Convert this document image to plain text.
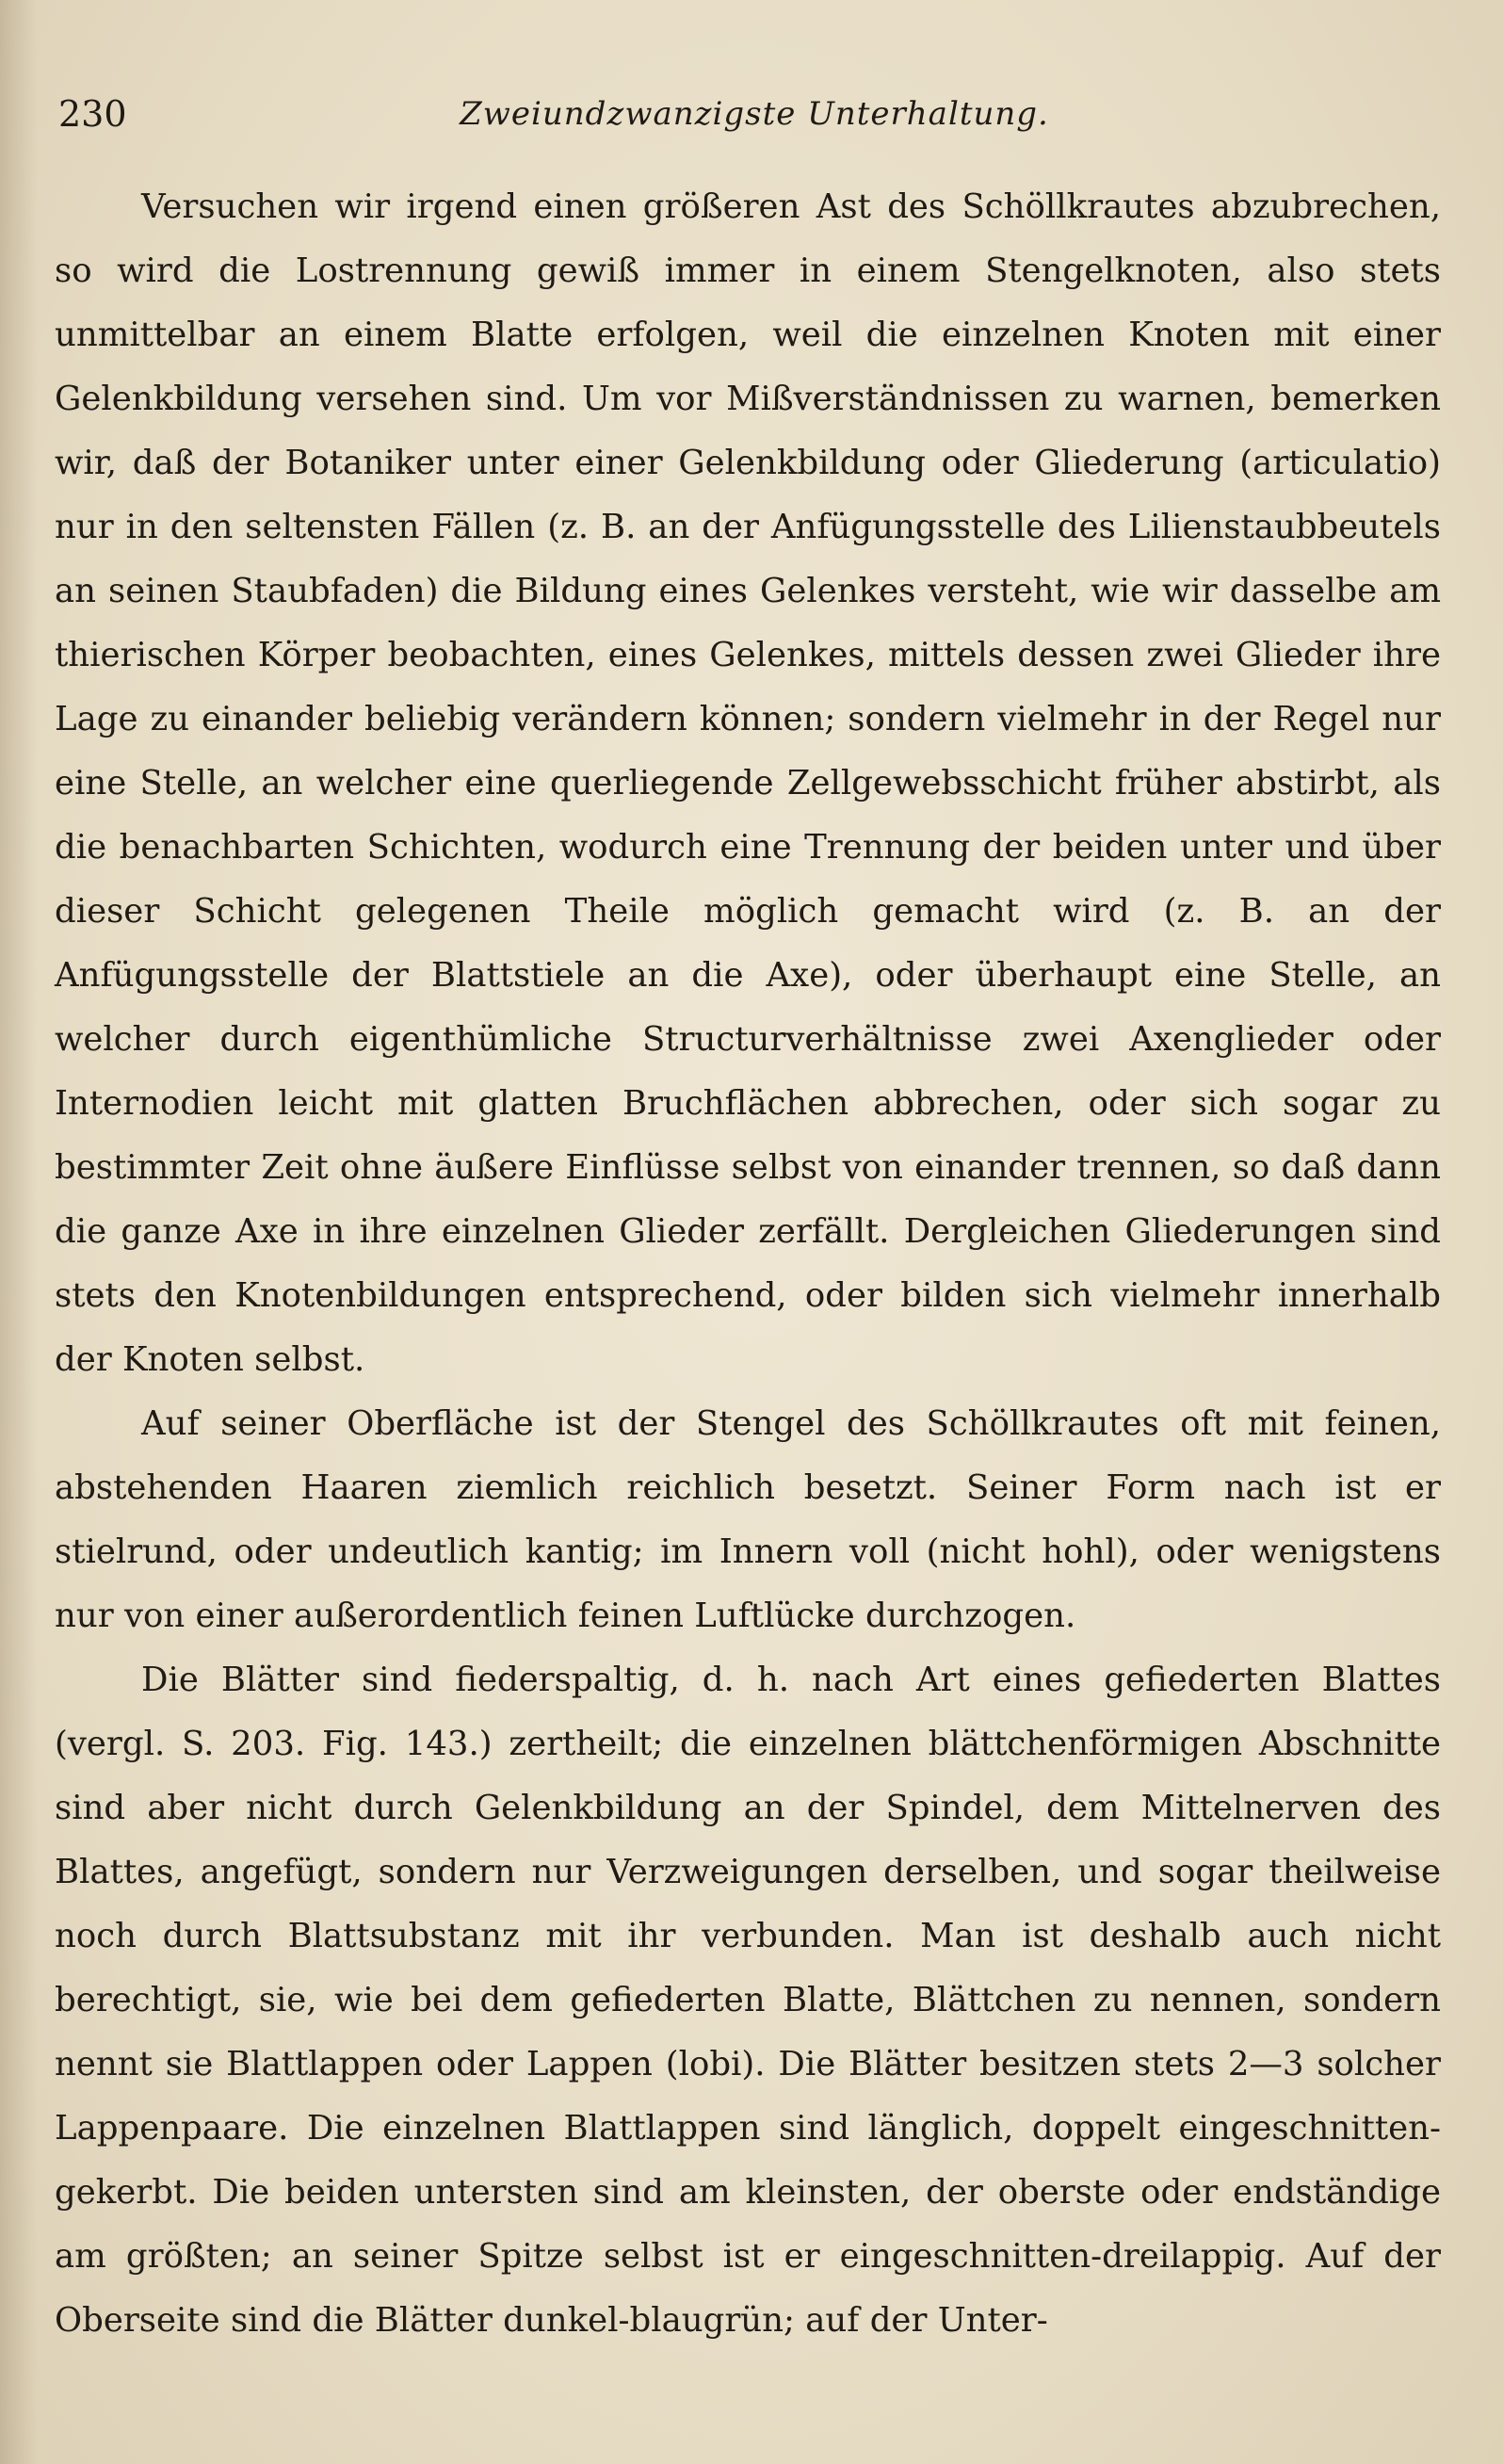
230	Zweiundzwanzigste Unterhaltung.

Versuchen wir irgend einen größeren Ast des Schöllkrautes abzubrechen, so wird die Lostrennung gewiß immer in einem Stengelknoten, also stets unmittelbar an einem Blatte erfolgen, weil die einzelnen Knoten mit einer Gelenkbildung versehen sind. Um vor Mißverständnissen zu warnen, bemerken wir, daß der Botaniker unter einer Gelenkbildung oder Gliederung (articulatio) nur in den seltensten Fällen (z. B. an der Anfügungsstelle des Lilienstaubbeutels an seinen Staubfaden) die Bildung eines Gelenkes versteht, wie wir dasselbe am thierischen Körper beobachten, eines Gelenkes, mittels dessen zwei Glieder ihre Lage zu einander beliebig verändern können; sondern vielmehr in der Regel nur eine Stelle, an welcher eine querliegende Zellgewebsschicht früher abstirbt, als die benachbarten Schichten, wodurch eine Trennung der beiden unter und über dieser Schicht gelegenen Theile möglich gemacht wird (z. B. an der Anfügungsstelle der Blattstiele an die Axe), oder überhaupt eine Stelle, an welcher durch eigenthümliche Structurverhältnisse zwei Axenglieder oder Internodien leicht mit glatten Bruchflächen abbrechen, oder sich sogar zu bestimmter Zeit ohne äußere Einflüsse selbst von einander trennen, so daß dann die ganze Axe in ihre einzelnen Glieder zerfällt. Dergleichen Gliederungen sind stets den Knotenbildungen entsprechend, oder bilden sich vielmehr innerhalb der Knoten selbst.

Auf seiner Oberfläche ist der Stengel des Schöllkrautes oft mit feinen, abstehenden Haaren ziemlich reichlich besetzt. Seiner Form nach ist er stielrund, oder undeutlich kantig; im Innern voll (nicht hohl), oder wenigstens nur von einer außerordentlich feinen Luftlücke durchzogen.

Die Blätter sind fiederspaltig, d. h. nach Art eines gefiederten Blattes (vergl. S. 203. Fig. 143.) zertheilt; die einzelnen blättchenförmigen Abschnitte sind aber nicht durch Gelenkbildung an der Spindel, dem Mittelnerven des Blattes, angefügt, sondern nur Verzweigungen derselben, und sogar theilweise noch durch Blattsubstanz mit ihr verbunden. Man ist deshalb auch nicht berechtigt, sie, wie bei dem gefiederten Blatte, Blättchen zu nennen, sondern nennt sie Blattlappen oder Lappen (lobi). Die Blätter besitzen stets 2—3 solcher Lappenpaare. Die einzelnen Blattlappen sind länglich, doppelt eingeschnitten-gekerbt. Die beiden untersten sind am kleinsten, der oberste oder endständige am größten; an seiner Spitze selbst ist er eingeschnitten-dreilappig. Auf der Oberseite sind die Blätter dunkel-blaugrün; auf der Unter-
